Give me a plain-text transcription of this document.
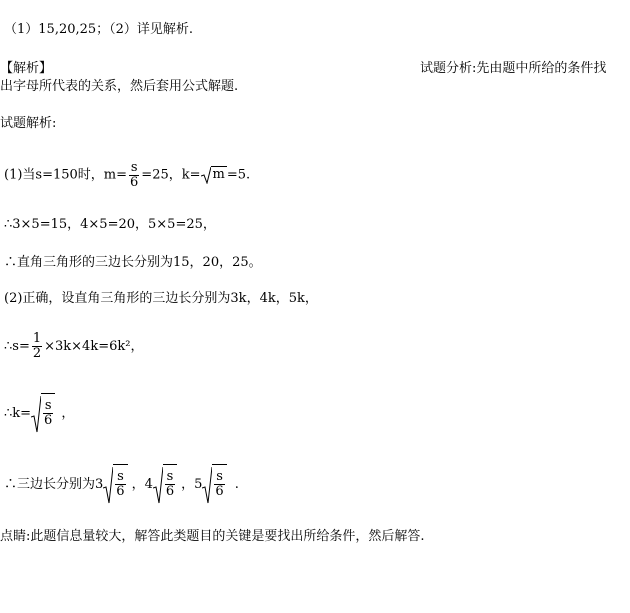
（1）15,20,25；（2）详见解析.
【解析】	试题分析:先由题中所给的条件找
出字母所代表的关系，然后套用公式解题.
试题解析:
(1)当s=150时，$m= \frac{s}{6} =25$，k= m =5.
∴3×5=15，4×5=20，5×5=25，
∴直角三角形的三边长分别为15，20，25。
(2)正确，设直角三角形的三边长分别为3k，4k，5k，
∴s= $\frac{1}{2} \times 3k\times 4k=6k^2$，
∴k= $\frac{s}{6}$ ，
∴三边长分别为$3 \frac{s}{6}$ ，$4 \frac{s}{6}$ ，$5 \frac{s}{6}$ .
点睛:此题信息量较大，解答此类题目的关键是要找出所给条件，然后解答.
